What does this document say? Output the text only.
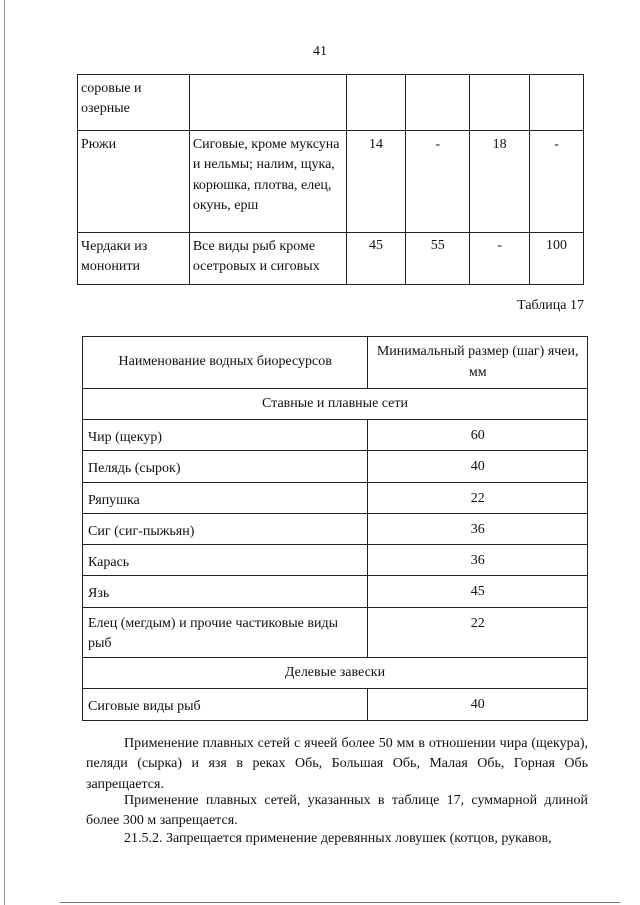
41
соровые и озерные					
Рюжи	Сиговые, кроме муксуна и нельмы; налим, щука, корюшка, плотва, елец, окунь, ерш	14	-	18	-
Чердаки из мононити	Все виды рыб кроме осетровых и сиговых	45	55	-	100
Таблица 17
Наименование водных биоресурсов	Минимальный размер (шаг) ячеи, мм
Ставные и плавные сети	
Чир (щекур)	60
Пелядь (сырок)	40
Ряпушка	22
Сиг (сиг-пыжьян)	36
Карась	36
Язь	45
Елец (мегдым) и прочие частиковые виды рыб	22
Делевые завески	
Сиговые виды рыб	40
Применение плавных сетей с ячеей более 50 мм в отношении чира (щекура), пеляди (сырка) и язя в реках Обь, Большая Обь, Малая Обь, Горная Обь запрещается.
Применение плавных сетей, указанных в таблице 17, суммарной длиной более 300 м запрещается.
21.5.2. Запрещается применение деревянных ловушек (котцов, рукавов,
